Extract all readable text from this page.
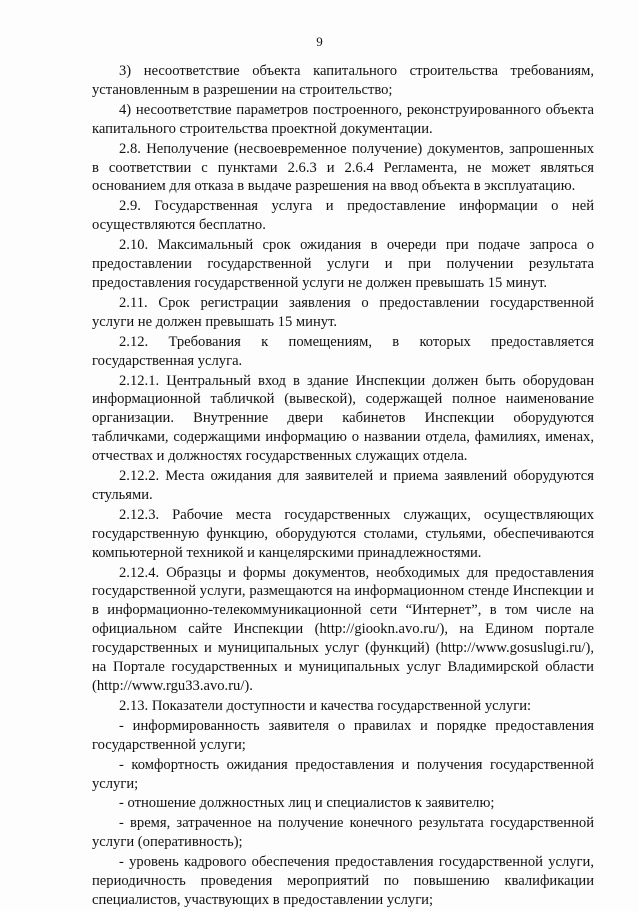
9

3) несоответствие объекта капитального строительства требованиям, установленным в разрешении на строительство;

4) несоответствие параметров построенного, реконструированного объекта капитального строительства проектной документации.

2.8. Неполучение (несвоевременное получение) документов, запрошенных в соответствии с пунктами 2.6.3 и 2.6.4 Регламента, не может являться основанием для отказа в выдаче разрешения на ввод объекта в эксплуатацию.

2.9. Государственная услуга и предоставление информации о ней осуществляются бесплатно.

2.10. Максимальный срок ожидания в очереди при подаче запроса о предоставлении государственной услуги и при получении результата предоставления государственной услуги не должен превышать 15 минут.

2.11. Срок регистрации заявления о предоставлении государственной услуги не должен превышать 15 минут.

2.12. Требования к помещениям, в которых предоставляется государственная услуга.

2.12.1. Центральный вход в здание Инспекции должен быть оборудован информационной табличкой (вывеской), содержащей полное наименование организации. Внутренние двери кабинетов Инспекции оборудуются табличками, содержащими информацию о названии отдела, фамилиях, именах, отчествах и должностях государственных служащих отдела.

2.12.2. Места ожидания для заявителей и приема заявлений оборудуются стульями.

2.12.3. Рабочие места государственных служащих, осуществляющих государственную функцию, оборудуются столами, стульями, обеспечиваются компьютерной техникой и канцелярскими принадлежностями.

2.12.4. Образцы и формы документов, необходимых для предоставления государственной услуги, размещаются на информационном стенде Инспекции и в информационно-телекоммуникационной сети “Интернет”, в том числе на официальном сайте Инспекции (http://giookn.avo.ru/), на Едином портале государственных и муниципальных услуг (функций) (http://www.gosuslugi.ru/), на Портале государственных и муниципальных услуг Владимирской области (http://www.rgu33.avo.ru/).

2.13. Показатели доступности и качества государственной услуги:

- информированность заявителя о правилах и порядке предоставления государственной услуги;

- комфортность ожидания предоставления и получения государственной услуги;

- отношение должностных лиц и специалистов к заявителю;

- время, затраченное на получение конечного результата государственной услуги (оперативность);

- уровень кадрового обеспечения предоставления государственной услуги, периодичность проведения мероприятий по повышению квалификации специалистов, участвующих в предоставлении услуги;
